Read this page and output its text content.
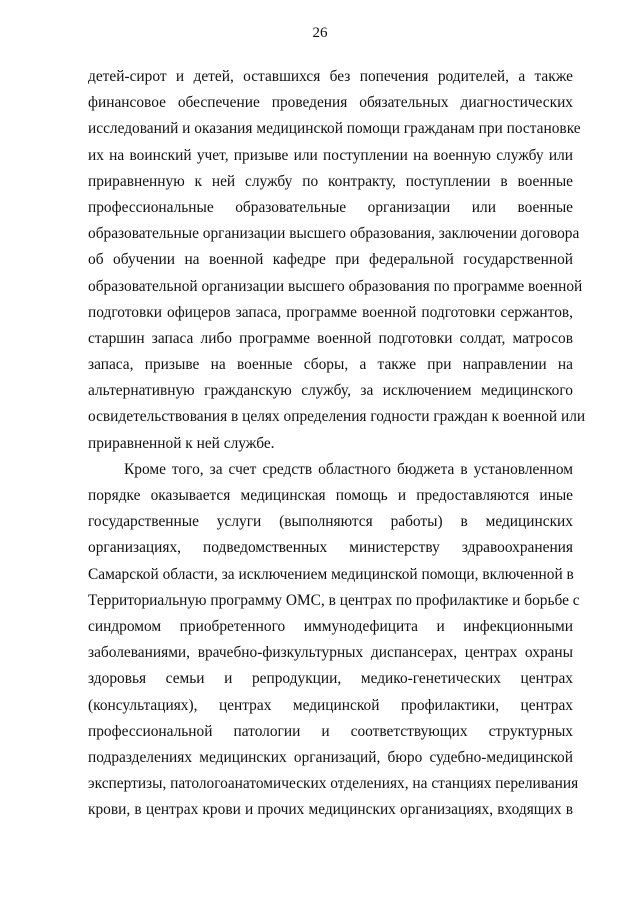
26
детей-сирот и детей, оставшихся без попечения родителей, а также
финансовое обеспечение проведения обязательных диагностических
исследований и оказания медицинской помощи гражданам при постановке
их на воинский учет, призыве или поступлении на военную службу или
приравненную к ней службу по контракту, поступлении в военные
профессиональные образовательные организации или военные
образовательные организации высшего образования, заключении договора
об обучении на военной кафедре при федеральной государственной
образовательной организации высшего образования по программе военной
подготовки офицеров запаса, программе военной подготовки сержантов,
старшин запаса либо программе военной подготовки солдат, матросов
запаса, призыве на военные сборы, а также при направлении на
альтернативную гражданскую службу, за исключением медицинского
освидетельствования в целях определения годности граждан к военной или
приравненной к ней службе.
Кроме того, за счет средств областного бюджета в установленном
порядке оказывается медицинская помощь и предоставляются иные
государственные услуги (выполняются работы) в медицинских
организациях, подведомственных министерству здравоохранения
Самарской области, за исключением медицинской помощи, включенной в
Территориальную программу ОМС, в центрах по профилактике и борьбе с
синдромом приобретенного иммунодефицита и инфекционными
заболеваниями, врачебно-физкультурных диспансерах, центрах охраны
здоровья семьи и репродукции, медико-генетических центрах
(консультациях), центрах медицинской профилактики, центрах
профессиональной патологии и соответствующих структурных
подразделениях медицинских организаций, бюро судебно-медицинской
экспертизы, патологоанатомических отделениях, на станциях переливания
крови, в центрах крови и прочих медицинских организациях, входящих в
